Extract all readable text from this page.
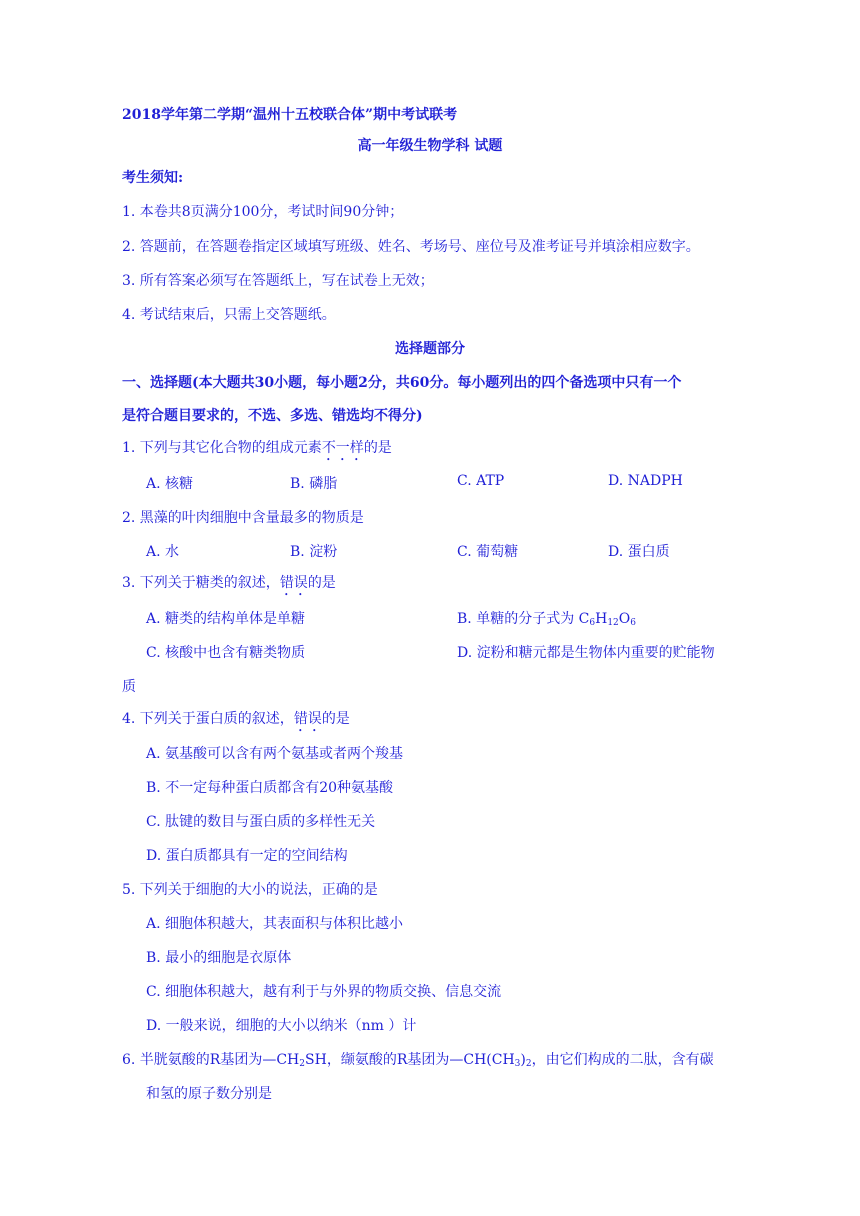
2018学年第二学期“温州十五校联合体”期中考试联考
高一年级生物学科 试题
考生须知:
1. 本卷共8页满分100分，考试时间90分钟；
2. 答题前，在答题卷指定区域填写班级、姓名、考场号、座位号及准考证号并填涂相应数字。
3. 所有答案必须写在答题纸上，写在试卷上无效；
4. 考试结束后，只需上交答题纸。
选择题部分
一、选择题(本大题共30小题，每小题2分，共60分。每小题列出的四个备选项中只有一个
是符合题目要求的，不选、多选、错选均不得分)
1. 下列与其它化合物的组成元素不一样的是
A. 核糖	B. 磷脂	C. ATP	D. NADPH
2. 黑藻的叶肉细胞中含量最多的物质是
A. 水	B. 淀粉	C. 葡萄糖	D. 蛋白质
3. 下列关于糖类的叙述，错误的是
A. 糖类的结构单体是单糖	B. 单糖的分子式为 $C_6H_{12}O_6$
C. 核酸中也含有糖类物质	D. 淀粉和糖元都是生物体内重要的贮能物
质
4. 下列关于蛋白质的叙述，错误的是
A. 氨基酸可以含有两个氨基或者两个羧基
B. 不一定每种蛋白质都含有20种氨基酸
C. 肽键的数目与蛋白质的多样性无关
D. 蛋白质都具有一定的空间结构
5. 下列关于细胞的大小的说法，正确的是
A. 细胞体积越大，其表面积与体积比越小
B. 最小的细胞是衣原体
C. 细胞体积越大，越有利于与外界的物质交换、信息交流
D. 一般来说，细胞的大小以纳米（nm ）计
6. 半胱氨酸的R基团为$—CH_2SH$，缬氨酸的R基团为$—CH(CH_3)_2$，由它们构成的二肽，含有碳
和氢的原子数分别是
